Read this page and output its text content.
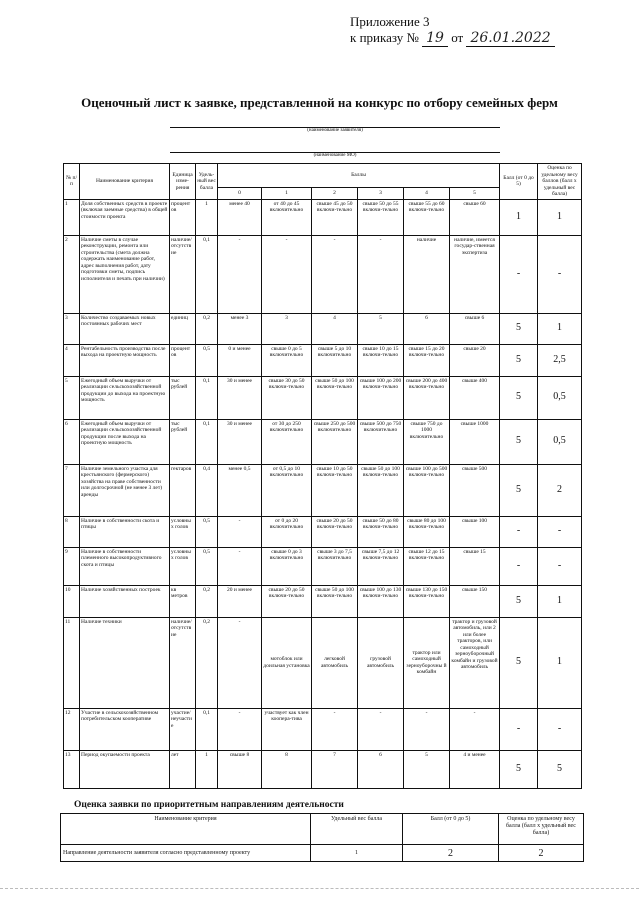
Приложение 3
к приказу № 19 от 26.01.2022
Оценочный лист к заявке, представленной на конкурс по отбору семейных ферм
(наименование заявителя)
(наименование МО)
№ п/п	Наименование критерия	Единица изме-рения	Удель-ный вес балла	Баллы						Балл (от 0 до 5)	Оценка по удельному весу баллов (балл х удельный вес балла)
				0	1	2	3	4	5		
1	Доля собственных средств в проекте (включая заемные средства) в общей стоимости проекта	процент ов	1	менее 40	от 40 до 45 включительно	свыше 45 до 50 включи-тельно	свыше 50 до 55 включи-тельно	свыше 55 до 60 включи-тельно	свыше 60	1	1
2	Наличие сметы в случае реконструкции, ремонта или строительства (смета должна содержать наименование работ, адрес выполнения работ, дату подготовки сметы, подпись исполнителя и печать при наличии)	наличие/ отсутств ие	0,1	-	-	-	-	наличие	наличие, имеется государ-ственная экспертиза	-	-
3	Количество создаваемых новых постоянных рабочих мест	единиц	0,2	менее 3	3	4	5	6	свыше 6	5	1
4	Рентабельность производства после выхода на проектную мощность	процент ов	0,5	0 и менее	свыше 0 до 5 включительно	свыше 5 до 10 включительно	свыше 10 до 15 включи-тельно	свыше 15 до 20 включи-тельно	свыше 20	5	2,5
5	Ежегодный объем выручки от реализации сельскохозяйственной продукции до выхода на проектную мощность	тыс рублей	0,1	30 и менее	свыше 30 до 50 включи-тельно	свыше 50 до 100 включи-тельно	свыше 100 до 200 включи-тельно	свыше 200 до 400 включи-тельно	свыше 400	5	0,5
6	Ежегодный объем выручки от реализации сельскохозяйственной продукции после выхода на проектную мощность	тыс рублей	0,1	30 и менее	от 30 до 250 включительно	свыше 250 до 500 включительно	свыше 500 до 750 включительно	свыше 750 до 1000 включительно	свыше 1000	5	0,5
7	Наличие земельного участка для крестьянского (фермерского) хозяйства на праве собственности или долгосрочной (не менее 3 лет) аренды	гектаров	0,4	менее 0,5	от 0,5 до 10 включительно	свыше 10 до 50 включи-тельно	свыше 50 до 100 включи-тельно	свыше 100 до 500 включи-тельно	свыше 500	5	2
8	Наличие в собственности скота и птицы	условны х голов	0,5	-	от 0 до 20 включительно	свыше 20 до 50 включи-тельно	свыше 50 до 80 включи-тельно	свыше 80 до 100 включи-тельно	свыше 100	-	-
9	Наличие в собственности племенного высокопродуктивного скота и птицы	условны х голов	0,5	-	свыше 0 до 3 включительно	свыше 3 до 7,5 включительно	свыше 7,5 до 12 включи-тельно	свыше 12 до 15 включи-тельно	свыше 15	-	-
10	Наличие хозяйственных построек	кв метров	0,2	20 и менее	свыше 20 до 50 включи-тельно	свыше 50 до 100 включи-тельно	свыше 100 до 130 включи-тельно	свыше 130 до 150 включи-тельно	свыше 150	5	1
11	Наличие техники	наличие/ отсутств ие	0,2	-	мотоблок или доильная установка	легковой автомобиль	грузовой автомобиль	трактор или самоходный зерноуборочны й комбайн	трактор и грузовой автомобиль, или 2 или более тракторов, или самоходный зерноуборочный комбайн и грузовой автомобиль	5	1
12	Участие в сельскохозяйственном потребительском кооперативе	участие/ неучасти е	0,1	-	участвует как член коопера-тива	-	-	-	-	-	-
13	Период окупаемости проекта	лет	1	свыше 8	8	7	6	5	4 и менее	5	5
Оценка заявки по приоритетным направлениям деятельности
Наименование критерия	Удельный вес балла	Балл (от 0 до 5)	Оценка по удельному весу балла (балл х удельный вес балла)
Направление деятельности заявителя согласно представленному проекту	1	2	2
